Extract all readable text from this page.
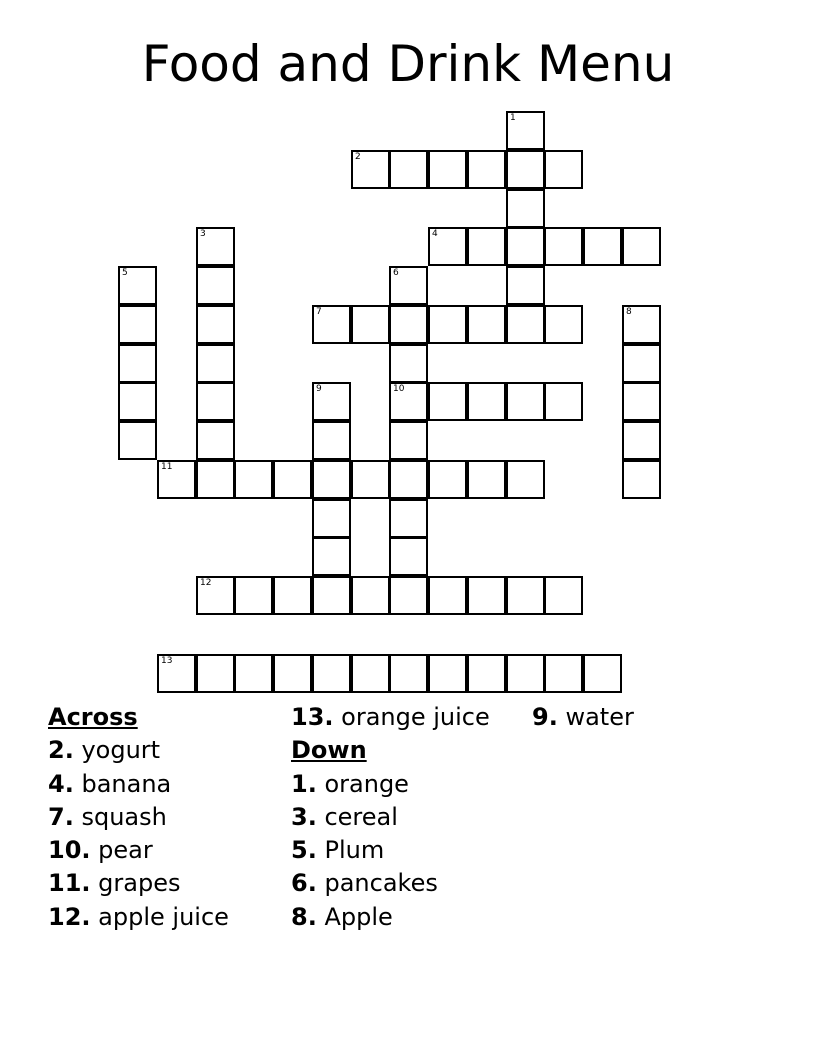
Food and Drink Menu
1
2
3	4
5	6
10
7	8
9
11
12
13
Across
2. yogurt
4. banana
7. squash
10. pear
11. grapes
12. apple juice
13. orange juice
Down
1. orange
3. cereal
5. Plum
6. pancakes
8. Apple
9. water
